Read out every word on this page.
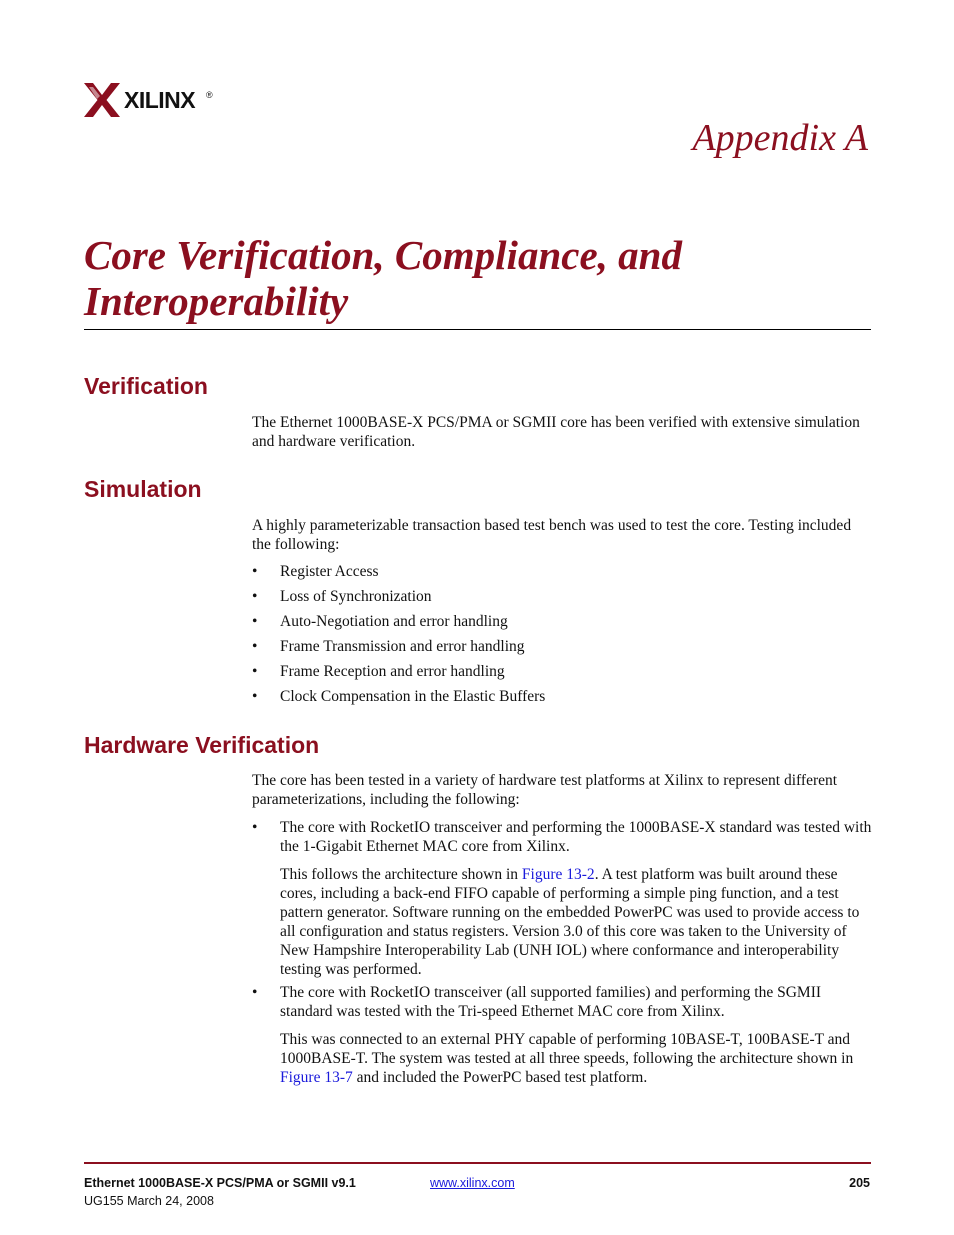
XILINX ®
Appendix A
Core Verification, Compliance, and Interoperability
Verification
The Ethernet 1000BASE-X PCS/PMA or SGMII core has been verified with extensive simulation and hardware verification.
Simulation
A highly parameterizable transaction based test bench was used to test the core. Testing included the following:
• Register Access
• Loss of Synchronization
• Auto-Negotiation and error handling
• Frame Transmission and error handling
• Frame Reception and error handling
• Clock Compensation in the Elastic Buffers
Hardware Verification
The core has been tested in a variety of hardware test platforms at Xilinx to represent different parameterizations, including the following:
• The core with RocketIO transceiver and performing the 1000BASE-X standard was tested with the 1-Gigabit Ethernet MAC core from Xilinx.
This follows the architecture shown in Figure 13-2. A test platform was built around these cores, including a back-end FIFO capable of performing a simple ping function, and a test pattern generator. Software running on the embedded PowerPC was used to provide access to all configuration and status registers. Version 3.0 of this core was taken to the University of New Hampshire Interoperability Lab (UNH IOL) where conformance and interoperability testing was performed.
• The core with RocketIO transceiver (all supported families) and performing the SGMII standard was tested with the Tri-speed Ethernet MAC core from Xilinx.
This was connected to an external PHY capable of performing 10BASE-T, 100BASE-T and 1000BASE-T. The system was tested at all three speeds, following the architecture shown in Figure 13-7 and included the PowerPC based test platform.
Ethernet 1000BASE-X PCS/PMA or SGMII v9.1
UG155 March 24, 2008
www.xilinx.com	205
